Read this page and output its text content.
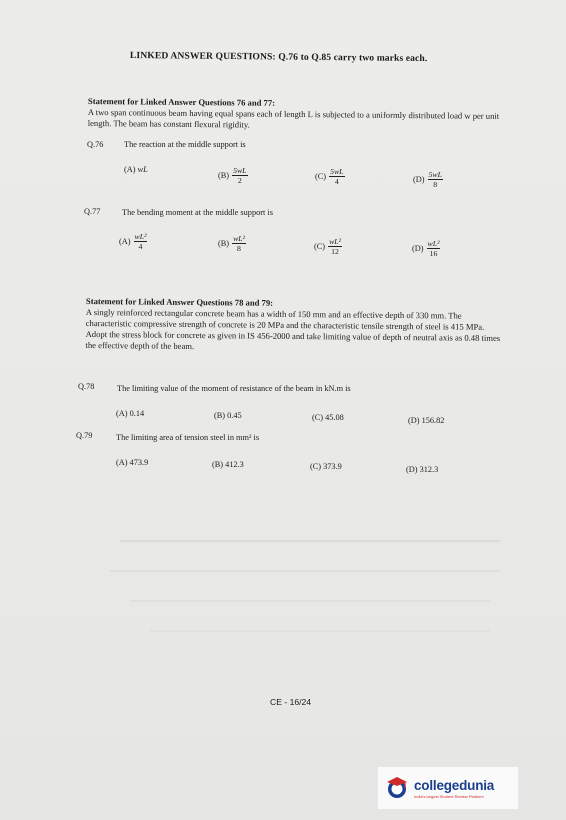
LINKED ANSWER QUESTIONS: Q.76 to Q.85 carry two marks each.
Statement for Linked Answer Questions 76 and 77:
A two span continuous beam having equal spans each of length L is subjected to a uniformly distributed load w per unit length. The beam has constant flexural rigidity.
Q.76 The reaction at the middle support is
(A)
wL
$(B) \frac{5wL}{2}$	$(C) \frac{5wL}{4}$	$(D) \frac{5wL}{8}$
Q.77	The bending moment at the middle support is
$(A) \frac{\text{wL²}}{4}$	$(B) \frac{\text{wL²}}{8}$	$(C) \frac{\text{wL²}}{12}$	$(D) \frac{\text{wL²}}{16}$
Statement for Linked Answer Questions 78 and 79:
A singly reinforced rectangular concrete beam has a width of 150 mm and an effective depth of 330 mm. The characteristic compressive strength of concrete is 20 MPa and the characteristic tensile strength of steel is 415 MPa. Adopt the stress block for concrete as given in IS 456-2000 and take limiting value of depth of neutral axis as 0.48 times the effective depth of the beam.
Q.78	The limiting value of the moment of resistance of the beam in kN.m is
(A) 0.14	(B) 0.45	(C) 45.08	(D) 156.82
Q.79	The limiting area of tension steel in mm² is
(A) 473.9	(B) 412.3	(C) 373.9	(D) 312.3
CE - 16/24
collegedunia
India's largest Student Review Platform
